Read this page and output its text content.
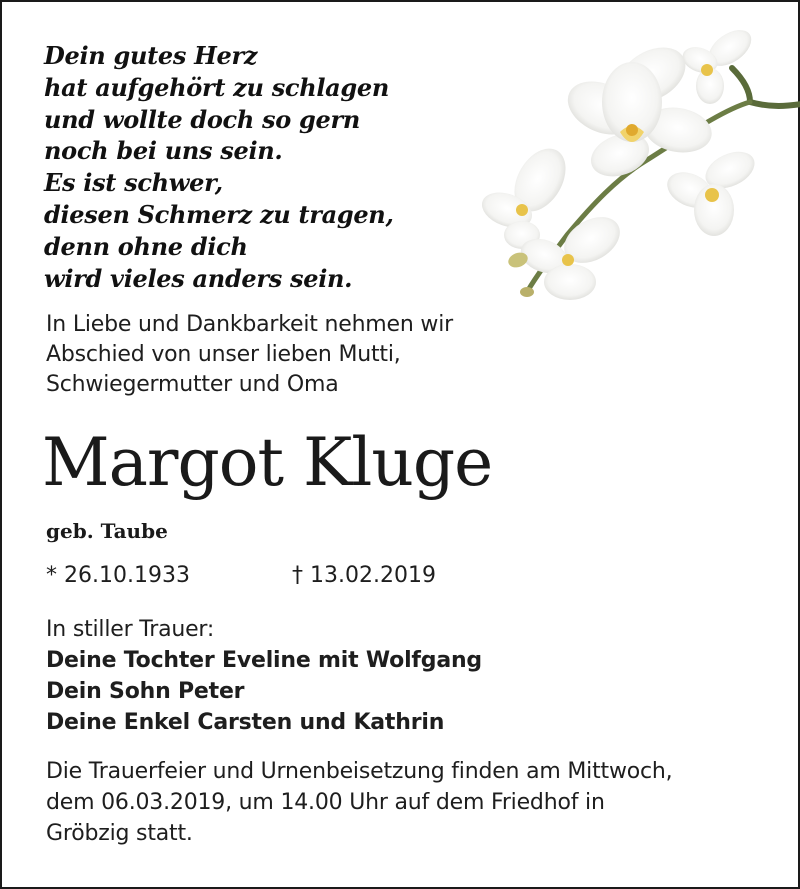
Dein gutes Herz
hat aufgehört zu schlagen
und wollte doch so gern
noch bei uns sein.
Es ist schwer,
diesen Schmerz zu tragen,
denn ohne dich
wird vieles anders sein.
In Liebe und Dankbarkeit nehmen wir
Abschied von unser lieben Mutti,
Schwiegermutter und Oma
Margot Kluge
geb. Taube
* 26.10.1933	† 13.02.2019
In stiller Trauer:
Deine Tochter Eveline mit Wolfgang
Dein Sohn Peter
Deine Enkel Carsten und Kathrin
Die Trauerfeier und Urnenbeisetzung finden am Mittwoch,
dem 06.03.2019, um 14.00 Uhr auf dem Friedhof in
Gröbzig statt.
